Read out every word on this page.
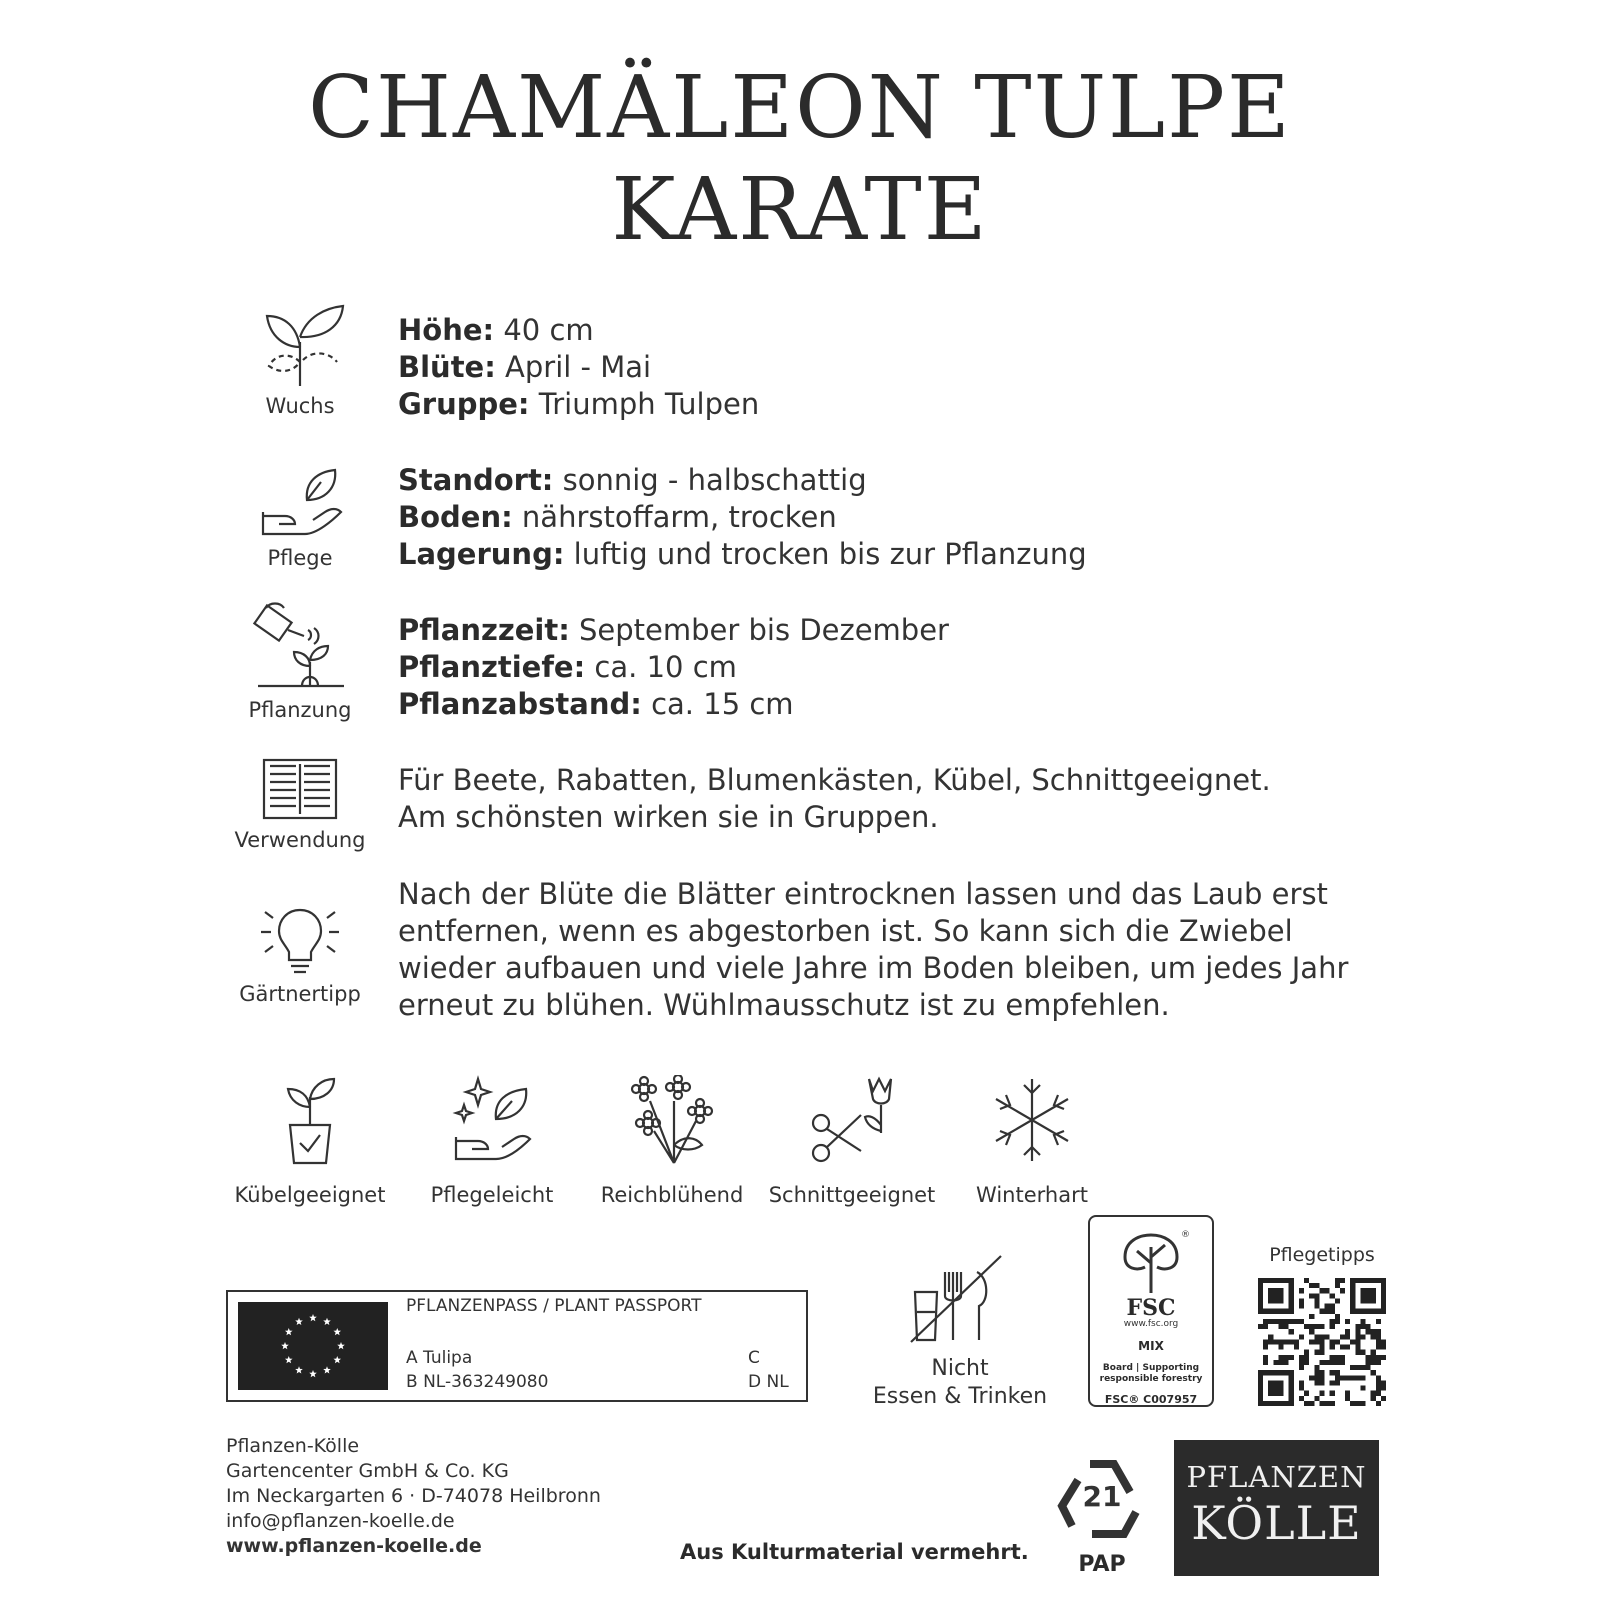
CHAMÄLEON TULPE
KARATE
Wuchs
Höhe: 40 cm
Blüte: April - Mai
Gruppe: Triumph Tulpen
Pflege
Standort: sonnig - halbschattig
Boden: nährstoffarm, trocken
Lagerung: luftig und trocken bis zur Pflanzung
Pflanzung
Pflanzzeit: September bis Dezember
Pflanztiefe: ca. 10 cm
Pflanzabstand: ca. 15 cm
Verwendung
Für Beete, Rabatten, Blumenkästen, Kübel, Schnittgeeignet.
Am schönsten wirken sie in Gruppen.
Gärtnertipp
Nach der Blüte die Blätter eintrocknen lassen und das Laub erst
entfernen, wenn es abgestorben ist. So kann sich die Zwiebel
wieder aufbauen und viele Jahre im Boden bleiben, um jedes Jahr
erneut zu blühen. Wühlmausschutz ist zu empfehlen.
Kübelgeeignet	Pflegeleicht	Reichblühend	Schnittgeeignet	Winterhart
PFLANZENPASS / PLANT PASSPORT
A Tulipa
B NL-363249080
C
D NL
Nicht
Essen & Trinken
®
FSC
www.fsc.org
MIX
Board | Supporting
responsible forestry
FSC® C007957
Pflegetipps
Pflanzen-Kölle
Gartencenter GmbH & Co. KG
Im Neckargarten 6 · D-74078 Heilbronn
info@pflanzen-koelle.de
www.pflanzen-koelle.de	Aus Kulturmaterial vermehrt.
21
PAP
PFLANZEN
KÖLLE
